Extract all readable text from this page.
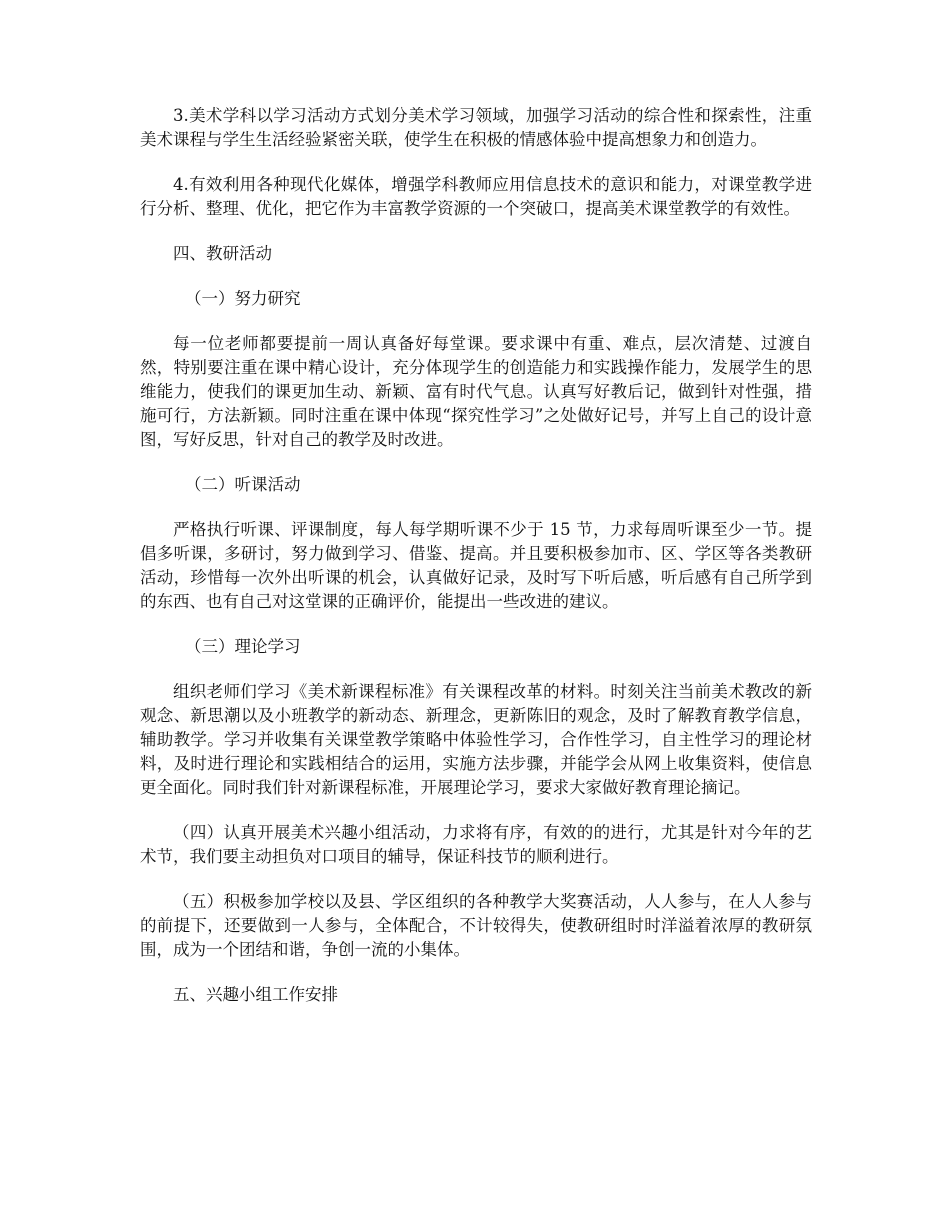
3.美术学科以学习活动方式划分美术学习领域，加强学习活动的综合性和探索性，注重美术课程与学生生活经验紧密关联，使学生在积极的情感体验中提高想象力和创造力。

4.有效利用各种现代化媒体，增强学科教师应用信息技术的意识和能力，对课堂教学进行分析、整理、优化，把它作为丰富教学资源的一个突破口，提高美术课堂教学的有效性。

四、教研活动

（一）努力研究

每一位老师都要提前一周认真备好每堂课。要求课中有重、难点，层次清楚、过渡自然，特别要注重在课中精心设计，充分体现学生的创造能力和实践操作能力，发展学生的思维能力，使我们的课更加生动、新颖、富有时代气息。认真写好教后记，做到针对性强，措施可行，方法新颖。同时注重在课中体现“探究性学习”之处做好记号，并写上自己的设计意图，写好反思，针对自己的教学及时改进。

（二）听课活动

严格执行听课、评课制度，每人每学期听课不少于 15 节，力求每周听课至少一节。提倡多听课，多研讨，努力做到学习、借鉴、提高。并且要积极参加市、区、学区等各类教研活动，珍惜每一次外出听课的机会，认真做好记录，及时写下听后感，听后感有自己所学到的东西、也有自己对这堂课的正确评价，能提出一些改进的建议。

（三）理论学习

组织老师们学习《美术新课程标准》有关课程改革的材料。时刻关注当前美术教改的新观念、新思潮以及小班教学的新动态、新理念，更新陈旧的观念，及时了解教育教学信息，辅助教学。学习并收集有关课堂教学策略中体验性学习，合作性学习，自主性学习的理论材料，及时进行理论和实践相结合的运用，实施方法步骤，并能学会从网上收集资料，使信息更全面化。同时我们针对新课程标准，开展理论学习，要求大家做好教育理论摘记。

（四）认真开展美术兴趣小组活动，力求将有序，有效的的进行，尤其是针对今年的艺术节，我们要主动担负对口项目的辅导，保证科技节的顺利进行。

（五）积极参加学校以及县、学区组织的各种教学大奖赛活动，人人参与，在人人参与的前提下，还要做到一人参与，全体配合，不计较得失，使教研组时时洋溢着浓厚的教研氛围，成为一个团结和谐，争创一流的小集体。

五、兴趣小组工作安排
